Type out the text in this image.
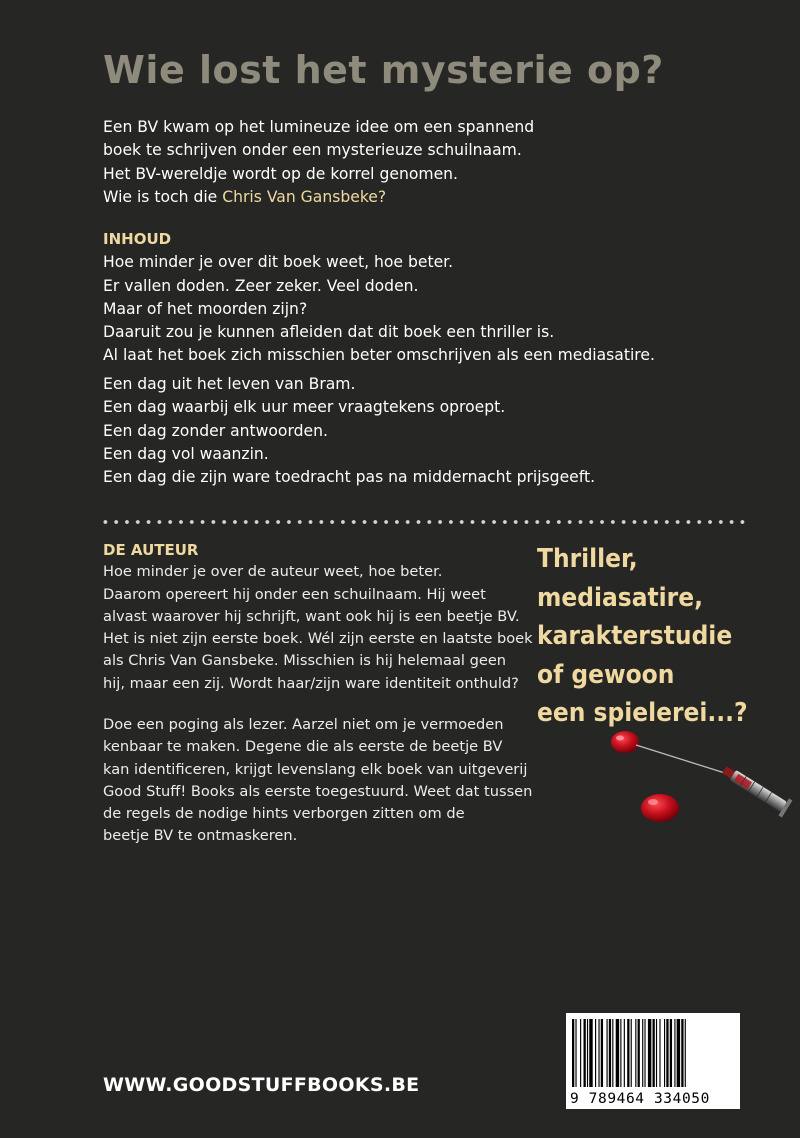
Wie lost het mysterie op?

Een BV kwam op het lumineuze idee om een spannend

boek te schrijven onder een mysterieuze schuilnaam.

Het BV-wereldje wordt op de korrel genomen.

Wie is toch die Chris Van Gansbeke?

INHOUD

Hoe minder je over dit boek weet, hoe beter.

Er vallen doden. Zeer zeker. Veel doden.

Maar of het moorden zijn?

Daaruit zou je kunnen afleiden dat dit boek een thriller is.

Al laat het boek zich misschien beter omschrijven als een mediasatire.

Een dag uit het leven van Bram.

Een dag waarbij elk uur meer vraagtekens oproept.

Een dag zonder antwoorden.

Een dag vol waanzin.

Een dag die zijn ware toedracht pas na middernacht prijsgeeft.

DE AUTEUR

Hoe minder je over de auteur weet, hoe beter.

Daarom opereert hij onder een schuilnaam. Hij weet

alvast waarover hij schrijft, want ook hij is een beetje BV.

Het is niet zijn eerste boek. Wél zijn eerste en laatste boek

als Chris Van Gansbeke. Misschien is hij helemaal geen

hij, maar een zij. Wordt haar/zijn ware identiteit onthuld?

Doe een poging als lezer. Aarzel niet om je vermoeden

kenbaar te maken. Degene die als eerste de beetje BV

kan identificeren, krijgt levenslang elk boek van uitgeverij

Good Stuff! Books als eerste toegestuurd. Weet dat tussen

de regels de nodige hints verborgen zitten om de

beetje BV te ontmaskeren.

Thriller,

mediasatire,

karakterstudie

of gewoon

een spielerei...?

WWW.GOODSTUFFBOOKS.BE

9 789464 334050
